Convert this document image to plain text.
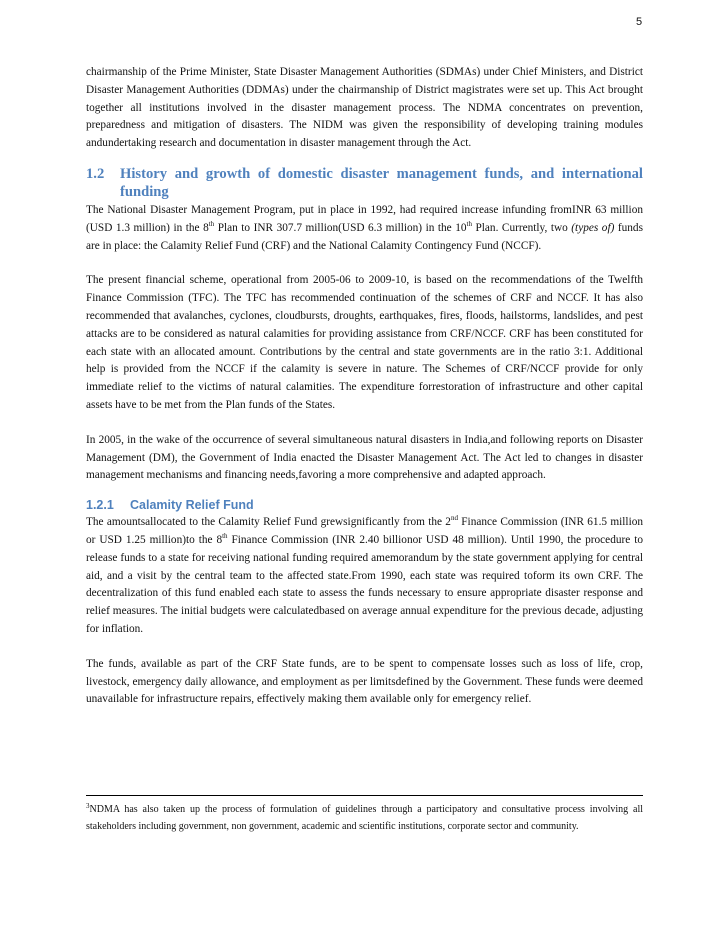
5

chairmanship of the Prime Minister, State Disaster Management Authorities (SDMAs) under Chief Ministers, and District Disaster Management Authorities (DDMAs) under the chairmanship of District magistrates were set up. This Act brought together all institutions involved in the disaster management process. The NDMA concentrates on prevention, preparedness and mitigation of disasters. The NIDM was given the responsibility of developing training modules andundertaking research and documentation in disaster management through the Act.

1.2	History and growth of domestic disaster management funds, and international funding

The National Disaster Management Program, put in place in 1992, had required increase infunding fromINR 63 million (USD 1.3 million) in the 8th Plan to INR 307.7 million(USD 6.3 million) in the 10th Plan. Currently, two (types of) funds are in place: the Calamity Relief Fund (CRF) and the National Calamity Contingency Fund (NCCF).

The present financial scheme, operational from 2005-06 to 2009-10, is based on the recommendations of the Twelfth Finance Commission (TFC). The TFC has recommended continuation of the schemes of CRF and NCCF. It has also recommended that avalanches, cyclones, cloudbursts, droughts, earthquakes, fires, floods, hailstorms, landslides, and pest attacks are to be considered as natural calamities for providing assistance from CRF/NCCF. CRF has been constituted for each state with an allocated amount. Contributions by the central and state governments are in the ratio 3:1. Additional help is provided from the NCCF if the calamity is severe in nature. The Schemes of CRF/NCCF provide for only immediate relief to the victims of natural calamities. The expenditure forrestoration of infrastructure and other capital assets have to be met from the Plan funds of the States.

In 2005, in the wake of the occurrence of several simultaneous natural disasters in India,and following reports on Disaster Management (DM), the Government of India enacted the Disaster Management Act. The Act led to changes in disaster management mechanisms and financing needs,favoring a more comprehensive and adapted approach.

1.2.1 Calamity Relief Fund

The amountsallocated to the Calamity Relief Fund grewsignificantly from the 2nd Finance Commission (INR 61.5 million or USD 1.25 million)to the 8th Finance Commission (INR 2.40 billionor USD 48 million). Until 1990, the procedure to release funds to a state for receiving national funding required amemorandum by the state government applying for central aid, and a visit by the central team to the affected state.From 1990, each state was required toform its own CRF. The decentralization of this fund enabled each state to assess the funds necessary to ensure appropriate disaster response and relief measures. The initial budgets were calculatedbased on average annual expenditure for the previous decade, adjusting for inflation.

The funds, available as part of the CRF State funds, are to be spent to compensate losses such as loss of life, crop, livestock, emergency daily allowance, and employment as per limitsdefined by the Government. These funds were deemed unavailable for infrastructure repairs, effectively making them available only for emergency relief.

$^3$NDMA has also taken up the process of formulation of guidelines through a participatory and consultative process involving all stakeholders including government, non government, academic and scientific institutions, corporate sector and community.
